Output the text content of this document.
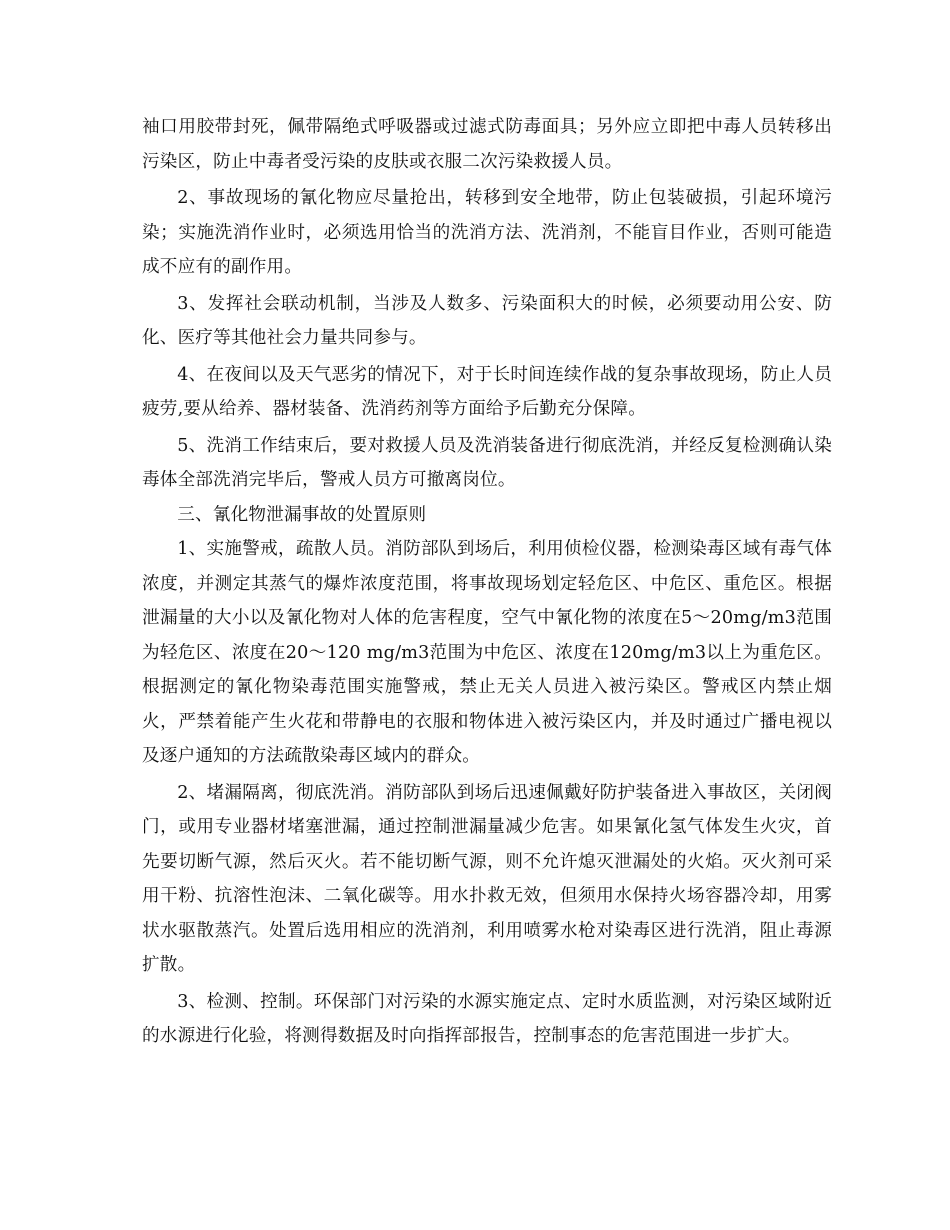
袖口用胶带封死，佩带隔绝式呼吸器或过滤式防毒面具；另外应立即把中毒人员转移出污染区，防止中毒者受污染的皮肤或衣服二次污染救援人员。

2、事故现场的氰化物应尽量抢出，转移到安全地带，防止包装破损，引起环境污染；实施洗消作业时，必须选用恰当的洗消方法、洗消剂，不能盲目作业，否则可能造成不应有的副作用。

3、发挥社会联动机制，当涉及人数多、污染面积大的时候，必须要动用公安、防化、医疗等其他社会力量共同参与。

4、在夜间以及天气恶劣的情况下，对于长时间连续作战的复杂事故现场，防止人员疲劳,要从给养、器材装备、洗消药剂等方面给予后勤充分保障。

5、洗消工作结束后，要对救援人员及洗消装备进行彻底洗消，并经反复检测确认染毒体全部洗消完毕后，警戒人员方可撤离岗位。

三、氰化物泄漏事故的处置原则

1、实施警戒，疏散人员。消防部队到场后，利用侦检仪器，检测染毒区域有毒气体浓度，并测定其蒸气的爆炸浓度范围，将事故现场划定轻危区、中危区、重危区。根据泄漏量的大小以及氰化物对人体的危害程度，空气中氰化物的浓度在5～20mg/m3范围为轻危区、浓度在20～120 mg/m3范围为中危区、浓度在120mg/m3以上为重危区。根据测定的氰化物染毒范围实施警戒，禁止无关人员进入被污染区。警戒区内禁止烟火，严禁着能产生火花和带静电的衣服和物体进入被污染区内，并及时通过广播电视以及逐户通知的方法疏散染毒区域内的群众。

2、堵漏隔离，彻底洗消。消防部队到场后迅速佩戴好防护装备进入事故区，关闭阀门，或用专业器材堵塞泄漏，通过控制泄漏量减少危害。如果氰化氢气体发生火灾，首先要切断气源，然后灭火。若不能切断气源，则不允许熄灭泄漏处的火焰。灭火剂可采用干粉、抗溶性泡沫、二氧化碳等。用水扑救无效，但须用水保持火场容器冷却，用雾状水驱散蒸汽。处置后选用相应的洗消剂，利用喷雾水枪对染毒区进行洗消，阻止毒源扩散。

3、检测、控制。环保部门对污染的水源实施定点、定时水质监测，对污染区域附近的水源进行化验，将测得数据及时向指挥部报告，控制事态的危害范围进一步扩大。
